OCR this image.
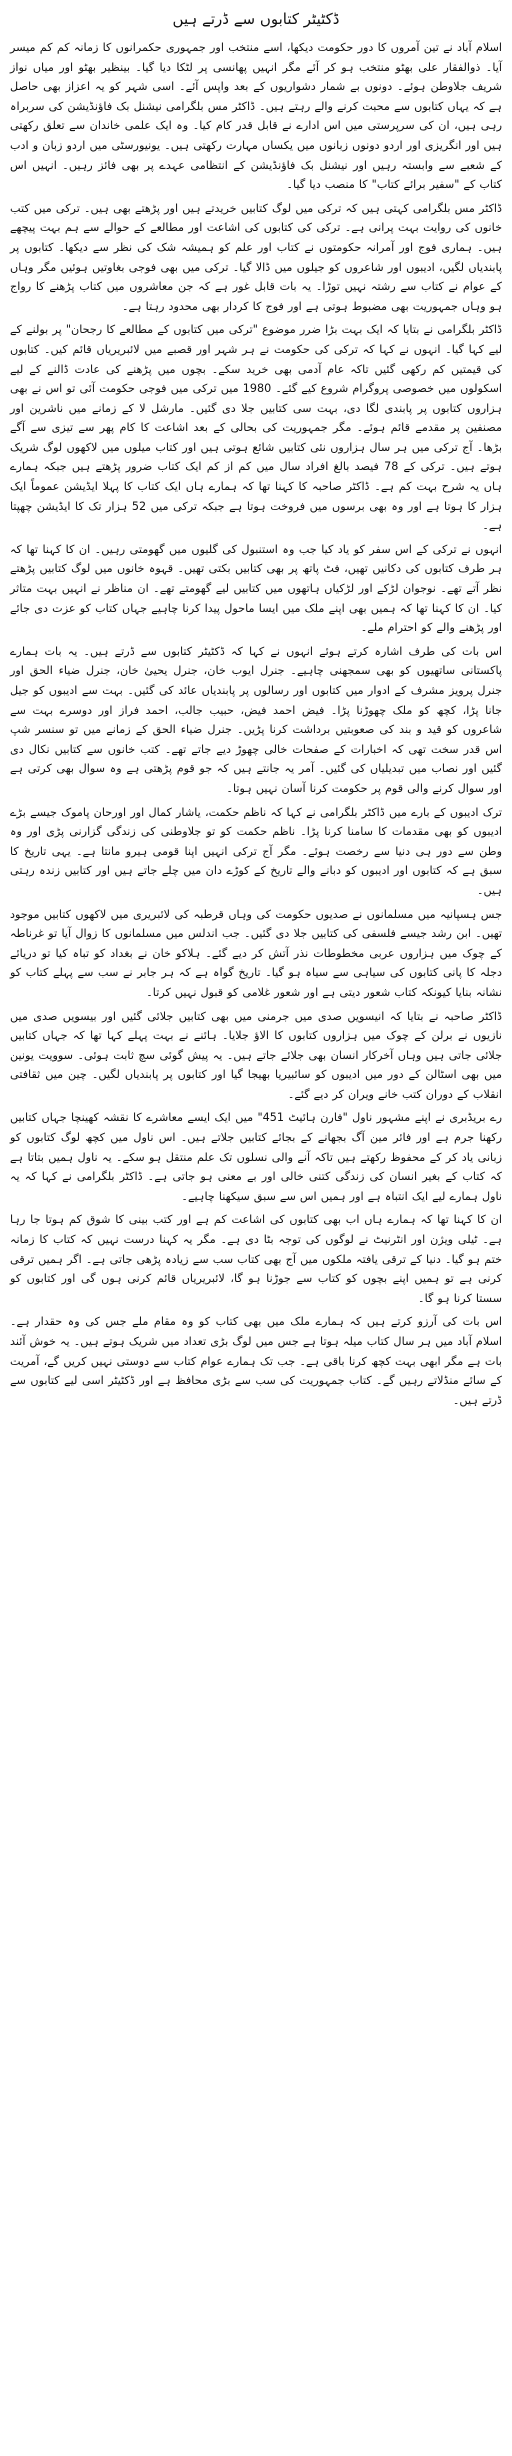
ڈکٹیٹر کتابوں سے ڈرتے ہیں

اسلام آباد نے تین آمروں کا دور حکومت دیکھا، اسے منتخب اور جمہوری حکمرانوں کا زمانہ کم کم میسر آیا۔ ذوالفقار علی بھٹو منتخب ہو کر آئے مگر انہیں پھانسی پر لٹکا دیا گیا۔ بینظیر بھٹو اور میاں نواز شریف جلاوطن ہوئے۔ دونوں بے شمار دشواریوں کے بعد واپس آئے۔ اسی شہر کو یہ اعزاز بھی حاصل ہے کہ یہاں کتابوں سے محبت کرنے والے رہتے ہیں۔ ڈاکٹر مس بلگرامی نیشنل بک فاؤنڈیشن کی سربراہ رہی ہیں، ان کی سرپرستی میں اس ادارے نے قابل قدر کام کیا۔ وہ ایک علمی خاندان سے تعلق رکھتی ہیں اور انگریزی اور اردو دونوں زبانوں میں یکساں مہارت رکھتی ہیں۔ یونیورسٹی میں اردو زبان و ادب کے شعبے سے وابستہ رہیں اور نیشنل بک فاؤنڈیشن کے انتظامی عہدے پر بھی فائز رہیں۔ انہیں اس کتاب کے "سفیر برائے کتاب" کا منصب دیا گیا۔

ڈاکٹر مس بلگرامی کہتی ہیں کہ ترکی میں لوگ کتابیں خریدتے ہیں اور پڑھتے بھی ہیں۔ ترکی میں کتب خانوں کی روایت بہت پرانی ہے۔ ترکی کی کتابوں کی اشاعت اور مطالعے کے حوالے سے ہم بہت پیچھے ہیں۔ ہماری فوج اور آمرانہ حکومتوں نے کتاب اور علم کو ہمیشہ شک کی نظر سے دیکھا۔ کتابوں پر پابندیاں لگیں، ادیبوں اور شاعروں کو جیلوں میں ڈالا گیا۔ ترکی میں بھی فوجی بغاوتیں ہوئیں مگر وہاں کے عوام نے کتاب سے رشتہ نہیں توڑا۔ یہ بات قابل غور ہے کہ جن معاشروں میں کتاب پڑھنے کا رواج ہو وہاں جمہوریت بھی مضبوط ہوتی ہے اور فوج کا کردار بھی محدود رہتا ہے۔

ڈاکٹر بلگرامی نے بتایا کہ ایک بہت بڑا ضرر موضوع "ترکی میں کتابوں کے مطالعے کا رجحان" پر بولنے کے لیے کہا گیا۔ انہوں نے کہا کہ ترکی کی حکومت نے ہر شہر اور قصبے میں لائبریریاں قائم کیں۔ کتابوں کی قیمتیں کم رکھی گئیں تاکہ عام آدمی بھی خرید سکے۔ بچوں میں پڑھنے کی عادت ڈالنے کے لیے اسکولوں میں خصوصی پروگرام شروع کیے گئے۔ 1980 میں ترکی میں فوجی حکومت آئی تو اس نے بھی ہزاروں کتابوں پر پابندی لگا دی، بہت سی کتابیں جلا دی گئیں۔ مارشل لا کے زمانے میں ناشرین اور مصنفین پر مقدمے قائم ہوئے۔ مگر جمہوریت کی بحالی کے بعد اشاعت کا کام پھر سے تیزی سے آگے بڑھا۔ آج ترکی میں ہر سال ہزاروں نئی کتابیں شائع ہوتی ہیں اور کتاب میلوں میں لاکھوں لوگ شریک ہوتے ہیں۔ ترکی کے 78 فیصد بالغ افراد سال میں کم از کم ایک کتاب ضرور پڑھتے ہیں جبکہ ہمارے ہاں یہ شرح بہت کم ہے۔ ڈاکٹر صاحبہ کا کہنا تھا کہ ہمارے ہاں ایک کتاب کا پہلا ایڈیشن عموماً ایک ہزار کا ہوتا ہے اور وہ بھی برسوں میں فروخت ہوتا ہے جبکہ ترکی میں 52 ہزار تک کا ایڈیشن چھپتا ہے۔

انہوں نے ترکی کے اس سفر کو یاد کیا جب وہ استنبول کی گلیوں میں گھومتی رہیں۔ ان کا کہنا تھا کہ ہر طرف کتابوں کی دکانیں تھیں، فٹ پاتھ پر بھی کتابیں بکتی تھیں۔ قہوہ خانوں میں لوگ کتابیں پڑھتے نظر آتے تھے۔ نوجوان لڑکے اور لڑکیاں ہاتھوں میں کتابیں لیے گھومتے تھے۔ ان مناظر نے انہیں بہت متاثر کیا۔ ان کا کہنا تھا کہ ہمیں بھی اپنے ملک میں ایسا ماحول پیدا کرنا چاہیے جہاں کتاب کو عزت دی جائے اور پڑھنے والے کو احترام ملے۔

اس بات کی طرف اشارہ کرتے ہوئے انہوں نے کہا کہ ڈکٹیٹر کتابوں سے ڈرتے ہیں۔ یہ بات ہمارے پاکستانی ساتھیوں کو بھی سمجھنی چاہیے۔ جنرل ایوب خان، جنرل یحییٰ خان، جنرل ضیاء الحق اور جنرل پرویز مشرف کے ادوار میں کتابوں اور رسالوں پر پابندیاں عائد کی گئیں۔ بہت سے ادیبوں کو جیل جانا پڑا، کچھ کو ملک چھوڑنا پڑا۔ فیض احمد فیض، حبیب جالب، احمد فراز اور دوسرے بہت سے شاعروں کو قید و بند کی صعوبتیں برداشت کرنا پڑیں۔ جنرل ضیاء الحق کے زمانے میں تو سنسر شپ اس قدر سخت تھی کہ اخبارات کے صفحات خالی چھوڑ دیے جاتے تھے۔ کتب خانوں سے کتابیں نکال دی گئیں اور نصاب میں تبدیلیاں کی گئیں۔ آمر یہ جانتے ہیں کہ جو قوم پڑھتی ہے وہ سوال بھی کرتی ہے اور سوال کرنے والی قوم پر حکومت کرنا آسان نہیں ہوتا۔

ترک ادیبوں کے بارے میں ڈاکٹر بلگرامی نے کہا کہ ناظم حکمت، یاشار کمال اور اورحان پاموک جیسے بڑے ادیبوں کو بھی مقدمات کا سامنا کرنا پڑا۔ ناظم حکمت کو تو جلاوطنی کی زندگی گزارنی پڑی اور وہ وطن سے دور ہی دنیا سے رخصت ہوئے۔ مگر آج ترکی انہیں اپنا قومی ہیرو مانتا ہے۔ یہی تاریخ کا سبق ہے کہ کتابوں اور ادیبوں کو دبانے والے تاریخ کے کوڑے دان میں چلے جاتے ہیں اور کتابیں زندہ رہتی ہیں۔

جس ہسپانیہ میں مسلمانوں نے صدیوں حکومت کی وہاں قرطبہ کی لائبریری میں لاکھوں کتابیں موجود تھیں۔ ابن رشد جیسے فلسفی کی کتابیں جلا دی گئیں۔ جب اندلس میں مسلمانوں کا زوال آیا تو غرناطہ کے چوک میں ہزاروں عربی مخطوطات نذر آتش کر دیے گئے۔ ہلاکو خان نے بغداد کو تباہ کیا تو دریائے دجلہ کا پانی کتابوں کی سیاہی سے سیاہ ہو گیا۔ تاریخ گواہ ہے کہ ہر جابر نے سب سے پہلے کتاب کو نشانہ بنایا کیونکہ کتاب شعور دیتی ہے اور شعور غلامی کو قبول نہیں کرتا۔

ڈاکٹر صاحبہ نے بتایا کہ انیسویں صدی میں جرمنی میں بھی کتابیں جلائی گئیں اور بیسویں صدی میں نازیوں نے برلن کے چوک میں ہزاروں کتابوں کا الاؤ جلایا۔ ہائنے نے بہت پہلے کہا تھا کہ جہاں کتابیں جلائی جاتی ہیں وہاں آخرکار انسان بھی جلائے جاتے ہیں۔ یہ پیش گوئی سچ ثابت ہوئی۔ سوویت یونین میں بھی اسٹالن کے دور میں ادیبوں کو سائبیریا بھیجا گیا اور کتابوں پر پابندیاں لگیں۔ چین میں ثقافتی انقلاب کے دوران کتب خانے ویران کر دیے گئے۔

رے بریڈبری نے اپنے مشہور ناول "فارن ہائیٹ 451" میں ایک ایسے معاشرے کا نقشہ کھینچا جہاں کتابیں رکھنا جرم ہے اور فائر مین آگ بجھانے کے بجائے کتابیں جلاتے ہیں۔ اس ناول میں کچھ لوگ کتابوں کو زبانی یاد کر کے محفوظ رکھتے ہیں تاکہ آنے والی نسلوں تک علم منتقل ہو سکے۔ یہ ناول ہمیں بتاتا ہے کہ کتاب کے بغیر انسان کی زندگی کتنی خالی اور بے معنی ہو جاتی ہے۔ ڈاکٹر بلگرامی نے کہا کہ یہ ناول ہمارے لیے ایک انتباہ ہے اور ہمیں اس سے سبق سیکھنا چاہیے۔

ان کا کہنا تھا کہ ہمارے ہاں اب بھی کتابوں کی اشاعت کم ہے اور کتب بینی کا شوق کم ہوتا جا رہا ہے۔ ٹیلی ویژن اور انٹرنیٹ نے لوگوں کی توجہ بٹا دی ہے۔ مگر یہ کہنا درست نہیں کہ کتاب کا زمانہ ختم ہو گیا۔ دنیا کے ترقی یافتہ ملکوں میں آج بھی کتاب سب سے زیادہ پڑھی جاتی ہے۔ اگر ہمیں ترقی کرنی ہے تو ہمیں اپنے بچوں کو کتاب سے جوڑنا ہو گا، لائبریریاں قائم کرنی ہوں گی اور کتابوں کو سستا کرنا ہو گا۔

اس بات کی آرزو کرتے ہیں کہ ہمارے ملک میں بھی کتاب کو وہ مقام ملے جس کی وہ حقدار ہے۔ اسلام آباد میں ہر سال کتاب میلہ ہوتا ہے جس میں لوگ بڑی تعداد میں شریک ہوتے ہیں۔ یہ خوش آئند بات ہے مگر ابھی بہت کچھ کرنا باقی ہے۔ جب تک ہمارے عوام کتاب سے دوستی نہیں کریں گے، آمریت کے سائے منڈلاتے رہیں گے۔ کتاب جمہوریت کی سب سے بڑی محافظ ہے اور ڈکٹیٹر اسی لیے کتابوں سے ڈرتے ہیں۔
